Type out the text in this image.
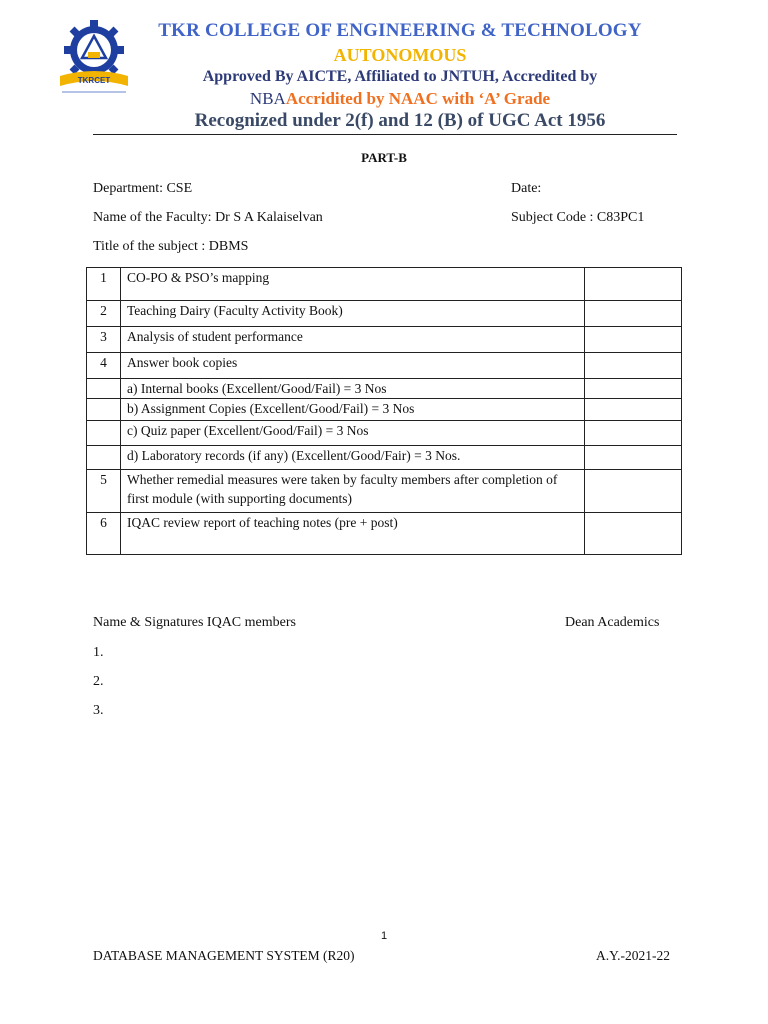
TKRCET
TKR COLLEGE OF ENGINEERING & TECHNOLOGY
AUTONOMOUS
Approved By AICTE, Affiliated to JNTUH, Accredited by
NBAAccridited by NAAC with ‘A’ Grade
Recognized under 2(f) and 12 (B) of UGC Act 1956
PART-B
Department: CSE	Date:
Name of the Faculty: Dr S A Kalaiselvan	Subject Code : C83PC1
Title of the subject : DBMS
1	CO-PO & PSO’s mapping	
2	Teaching Dairy (Faculty Activity Book)	
3	Analysis of student performance	
4	Answer book copies	
	a) Internal books (Excellent/Good/Fail) = 3 Nos	
	b) Assignment Copies (Excellent/Good/Fail) = 3 Nos	
	c) Quiz paper (Excellent/Good/Fail) = 3 Nos	
	d) Laboratory records (if any) (Excellent/Good/Fair) = 3 Nos.	
5	Whether remedial measures were taken by faculty members after completion of first module (with supporting documents)	
6	IQAC review report of teaching notes (pre + post)	
Name & Signatures IQAC members	Dean Academics
1.
2.
3.
1
DATABASE MANAGEMENT SYSTEM (R20)	A.Y.-2021-22
